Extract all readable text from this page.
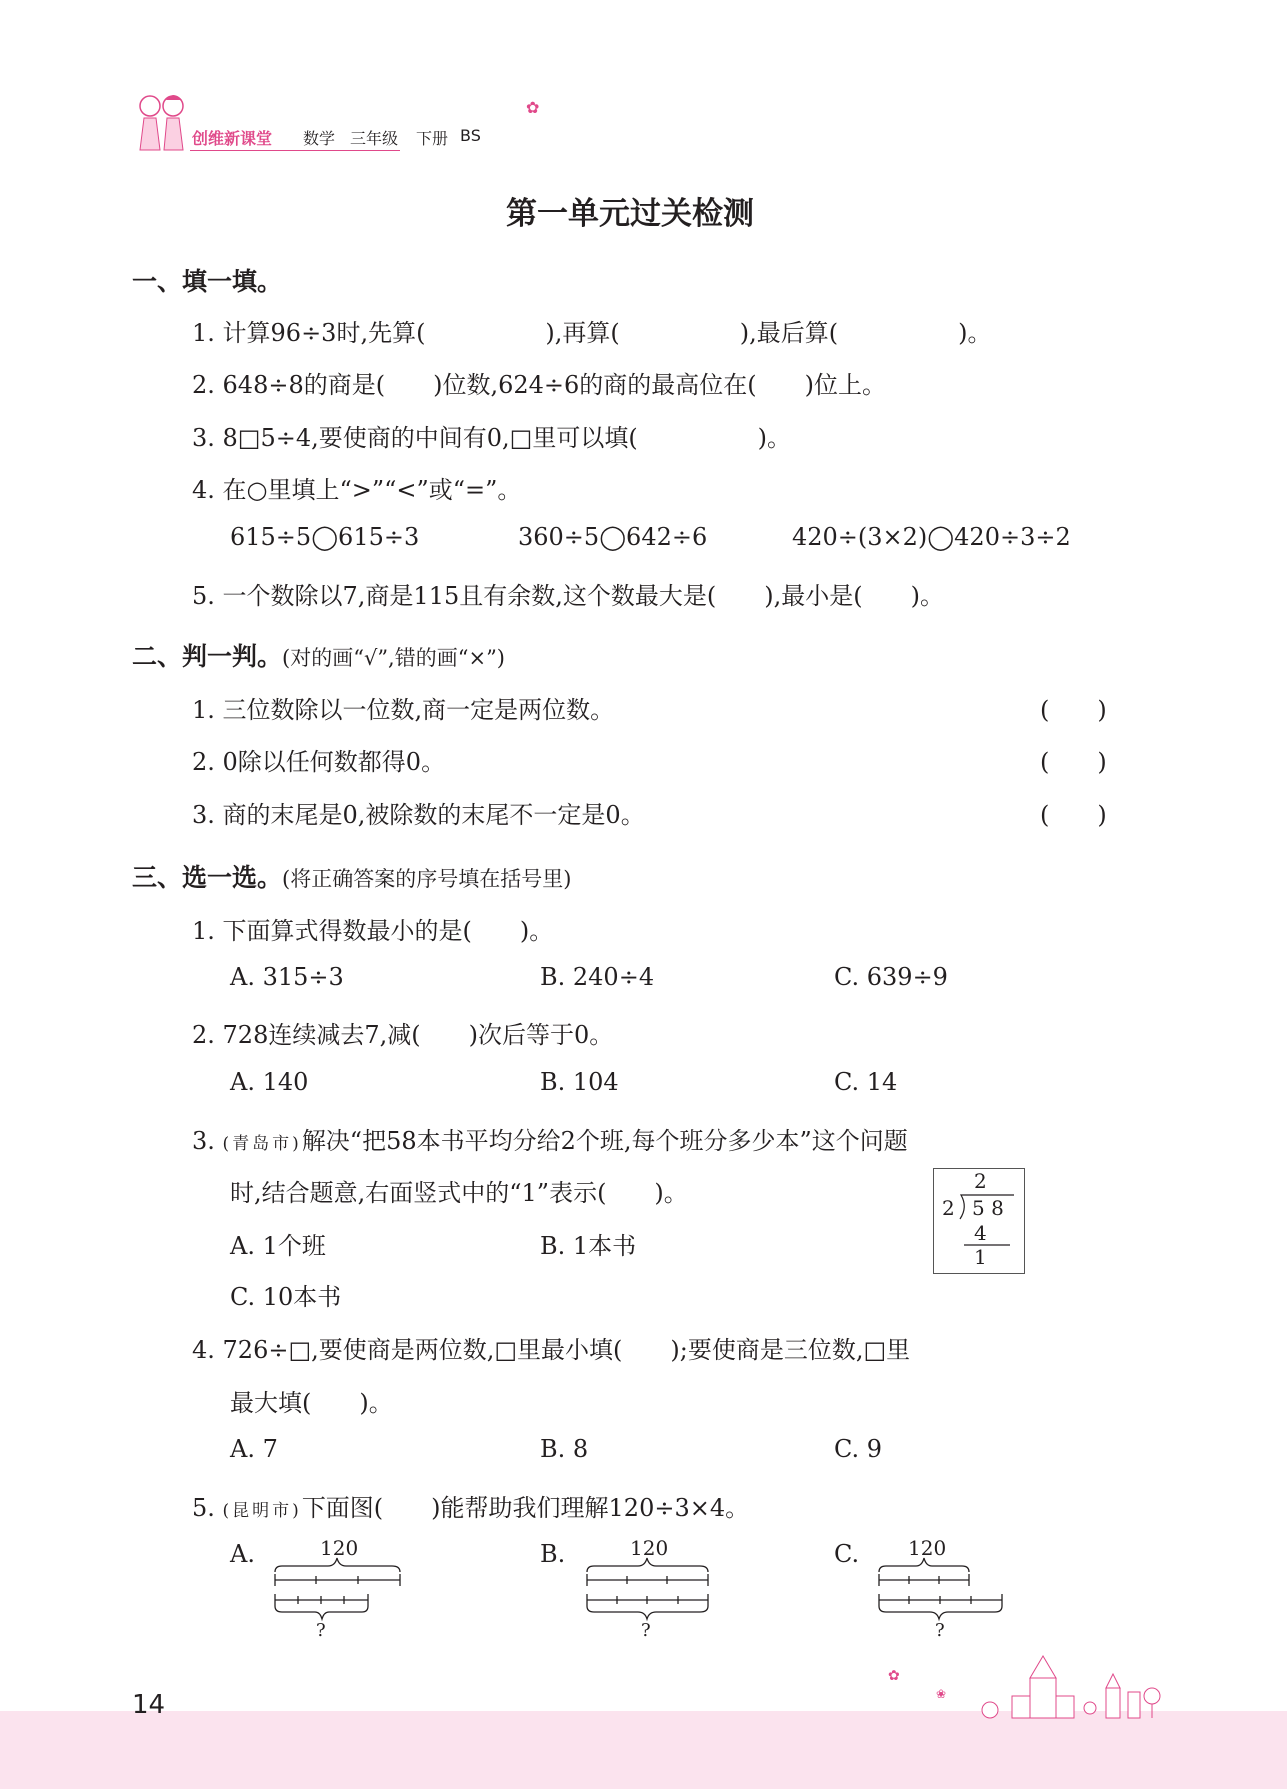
创维新课堂 数学 三年级 下册 BS
✿
第一单元过关检测
一、填一填。
1. 计算96÷3时,先算(　　　　　),再算(　　　　　),最后算(　　　　　)。
2. 648÷8的商是(　　)位数,624÷6的商的最高位在(　　)位上。
3. 8□5÷4,要使商的中间有0,□里可以填(　　　　　)。
4. 在○里填上“>”“<”或“=”。
615÷5◯615÷3	360÷5◯642÷6	420÷(3×2)◯420÷3÷2
5. 一个数除以7,商是115且有余数,这个数最大是(　　),最小是(　　)。
二、判一判。(对的画“√”,错的画“×”)
1. 三位数除以一位数,商一定是两位数。	(　　)
2. 0除以任何数都得0。	(　　)
3. 商的末尾是0,被除数的末尾不一定是0。	(　　)
三、选一选。(将正确答案的序号填在括号里)
1. 下面算式得数最小的是(　　)。
A. 315÷3	B. 240÷4	C. 639÷9
2. 728连续减去7,减(　　)次后等于0。
A. 140	B. 104	C. 14
3. (青岛市)解决“把58本书平均分给2个班,每个班分多少本”这个问题
时,结合题意,右面竖式中的“1”表示(　　)。
A. 1个班	B. 1本书
C. 10本书
2
2 5 8
4
1
4. 726÷□,要使商是两位数,□里最小填(　　);要使商是三位数,□里
最大填(　　)。
A. 7	B. 8	C. 9
5. (昆明市)下面图(　　)能帮助我们理解120÷3×4。
A.	B.	C.
120
?
120
?
120
?
14
✿
❀
